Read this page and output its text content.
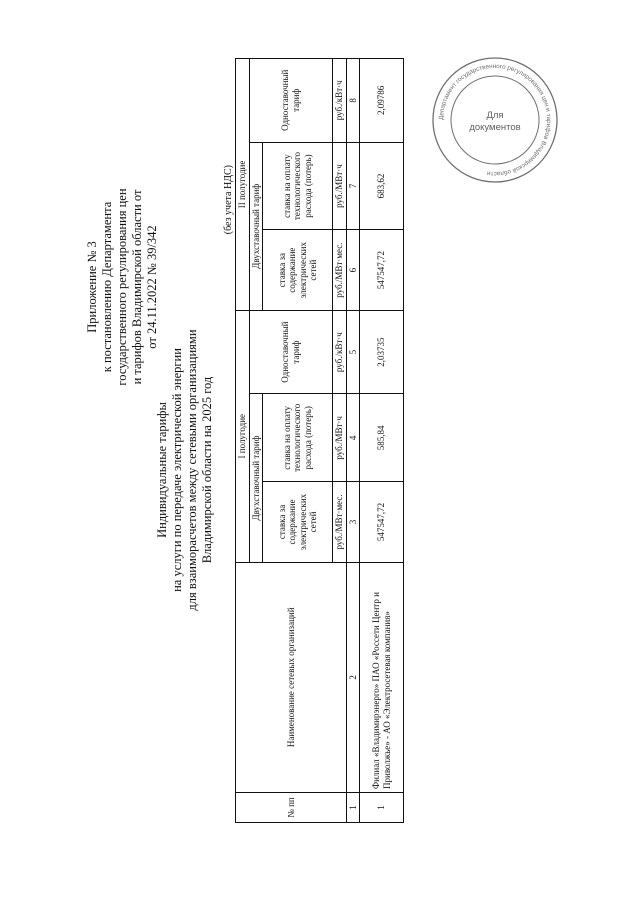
Приложение № 3 к постановлению Департамента государственного регулирования цен и тарифов Владимирской области от от 24.11.2022 № 39/342
Индивидуальные тарифы на услуги по передаче электрической энергии для взаиморасчетов между сетевыми организациями Владимирской области на 2025 год
(без учета НДС)
№ пп	Наименование сетевых организаций	I полугодие			II полугодие		
		Двухставочный тариф		Одноставочный тариф	Двухставочный тариф		Одноставочный тариф
		ставка за содержание электрических сетей	ставка на оплату технологического расхода (потерь)		ставка за содержание электрических сетей	ставка на оплату технологического расхода (потерь)	
		руб./МВт·мес.	руб./МВт·ч	руб./кВт·ч	руб./МВт·мес.	руб./МВт·ч	руб./кВт·ч
1	2	3	4	5	6	7	8
1	Филиал «Владимирэнерго» ПАО «Россети Центр и Приволжье» - АО «Электросетевая компания»	547547,72	585,84	2,03735	547547,72	683,62	2,09786
Департамент государственного регулирования цен и тарифов Владимирской области
Для
документов
